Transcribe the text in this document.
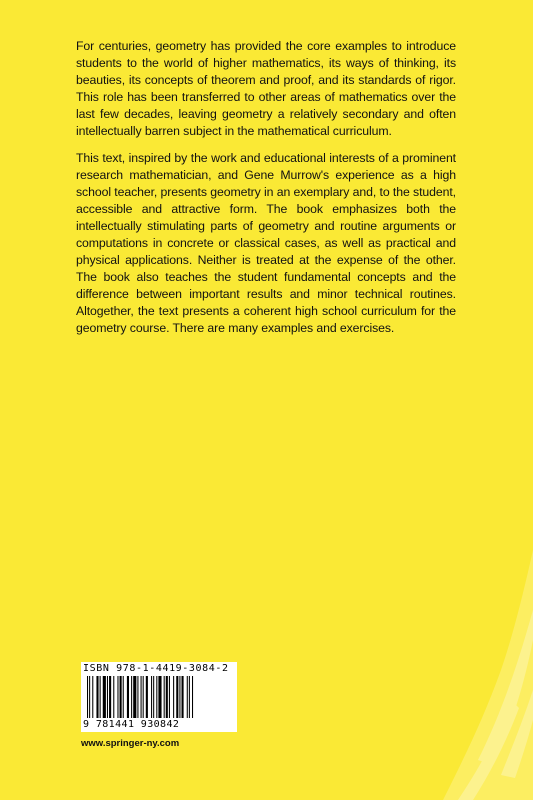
For centuries, geometry has provided the core examples to introduce students to the world of higher mathematics, its ways of thinking, its beauties, its concepts of theorem and proof, and its standards of rigor. This role has been transferred to other areas of mathematics over the last few decades, leaving geometry a relatively secondary and often intellectually barren subject in the mathematical curriculum.

This text, inspired by the work and educational interests of a prominent research mathematician, and Gene Murrow's experience as a high school teacher, presents geometry in an exemplary and, to the student, accessible and attractive form. The book emphasizes both the intellectually stimulating parts of geometry and routine arguments or computations in concrete or classical cases, as well as practical and physical applications. Neither is treated at the expense of the other. The book also teaches the student fundamental concepts and the difference between important results and minor technical routines. Altogether, the text presents a coherent high school curriculum for the geometry course. There are many examples and exercises.

ISBN 978-1-4419-3084-2
9 781441 930842
www.springer-ny.com
